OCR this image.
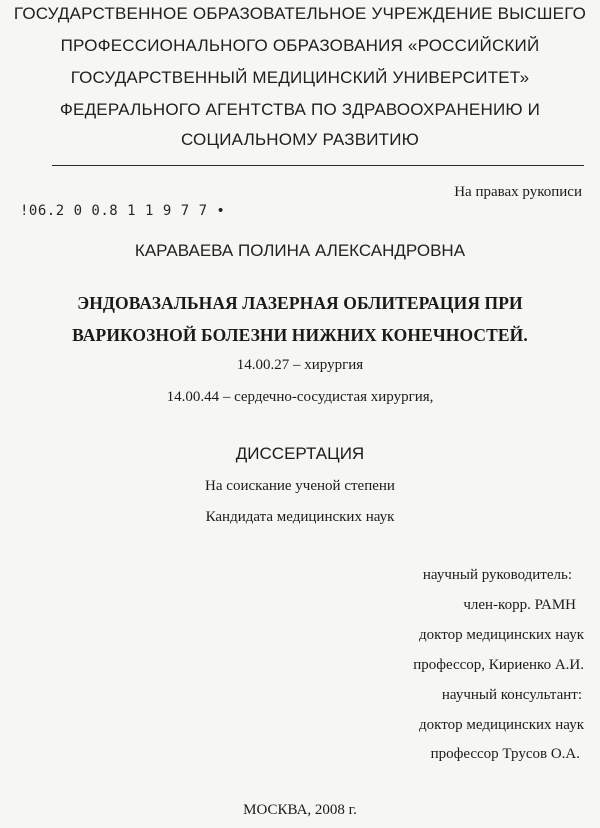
ГОСУДАРСТВЕННОЕ ОБРАЗОВАТЕЛЬНОЕ УЧРЕЖДЕНИЕ ВЫСШЕГО
ПРОФЕССИОНАЛЬНОГО ОБРАЗОВАНИЯ «РОССИЙСКИЙ
ГОСУДАРСТВЕННЫЙ МЕДИЦИНСКИЙ УНИВЕРСИТЕТ»
ФЕДЕРАЛЬНОГО АГЕНТСТВА ПО ЗДРАВООХРАНЕНИЮ И
СОЦИАЛЬНОМУ РАЗВИТИЮ
На правах рукописи
!06.2 0 0.8 1 1 9 7 7 •
КАРАВАЕВА ПОЛИНА АЛЕКСАНДРОВНА
ЭНДОВАЗАЛЬНАЯ ЛАЗЕРНАЯ ОБЛИТЕРАЦИЯ ПРИ
ВАРИКОЗНОЙ БОЛЕЗНИ НИЖНИХ КОНЕЧНОСТЕЙ.
14.00.27 – хирургия
14.00.44 – сердечно-сосудистая хирургия,
ДИССЕРТАЦИЯ
На соискание ученой степени
Кандидата медицинских наук
научный руководитель:
член-корр. РАМН
доктор медицинских наук
профессор, Кириенко А.И.
научный консультант:
доктор медицинских наук
профессор Трусов О.А.
МОСКВА, 2008 г.
